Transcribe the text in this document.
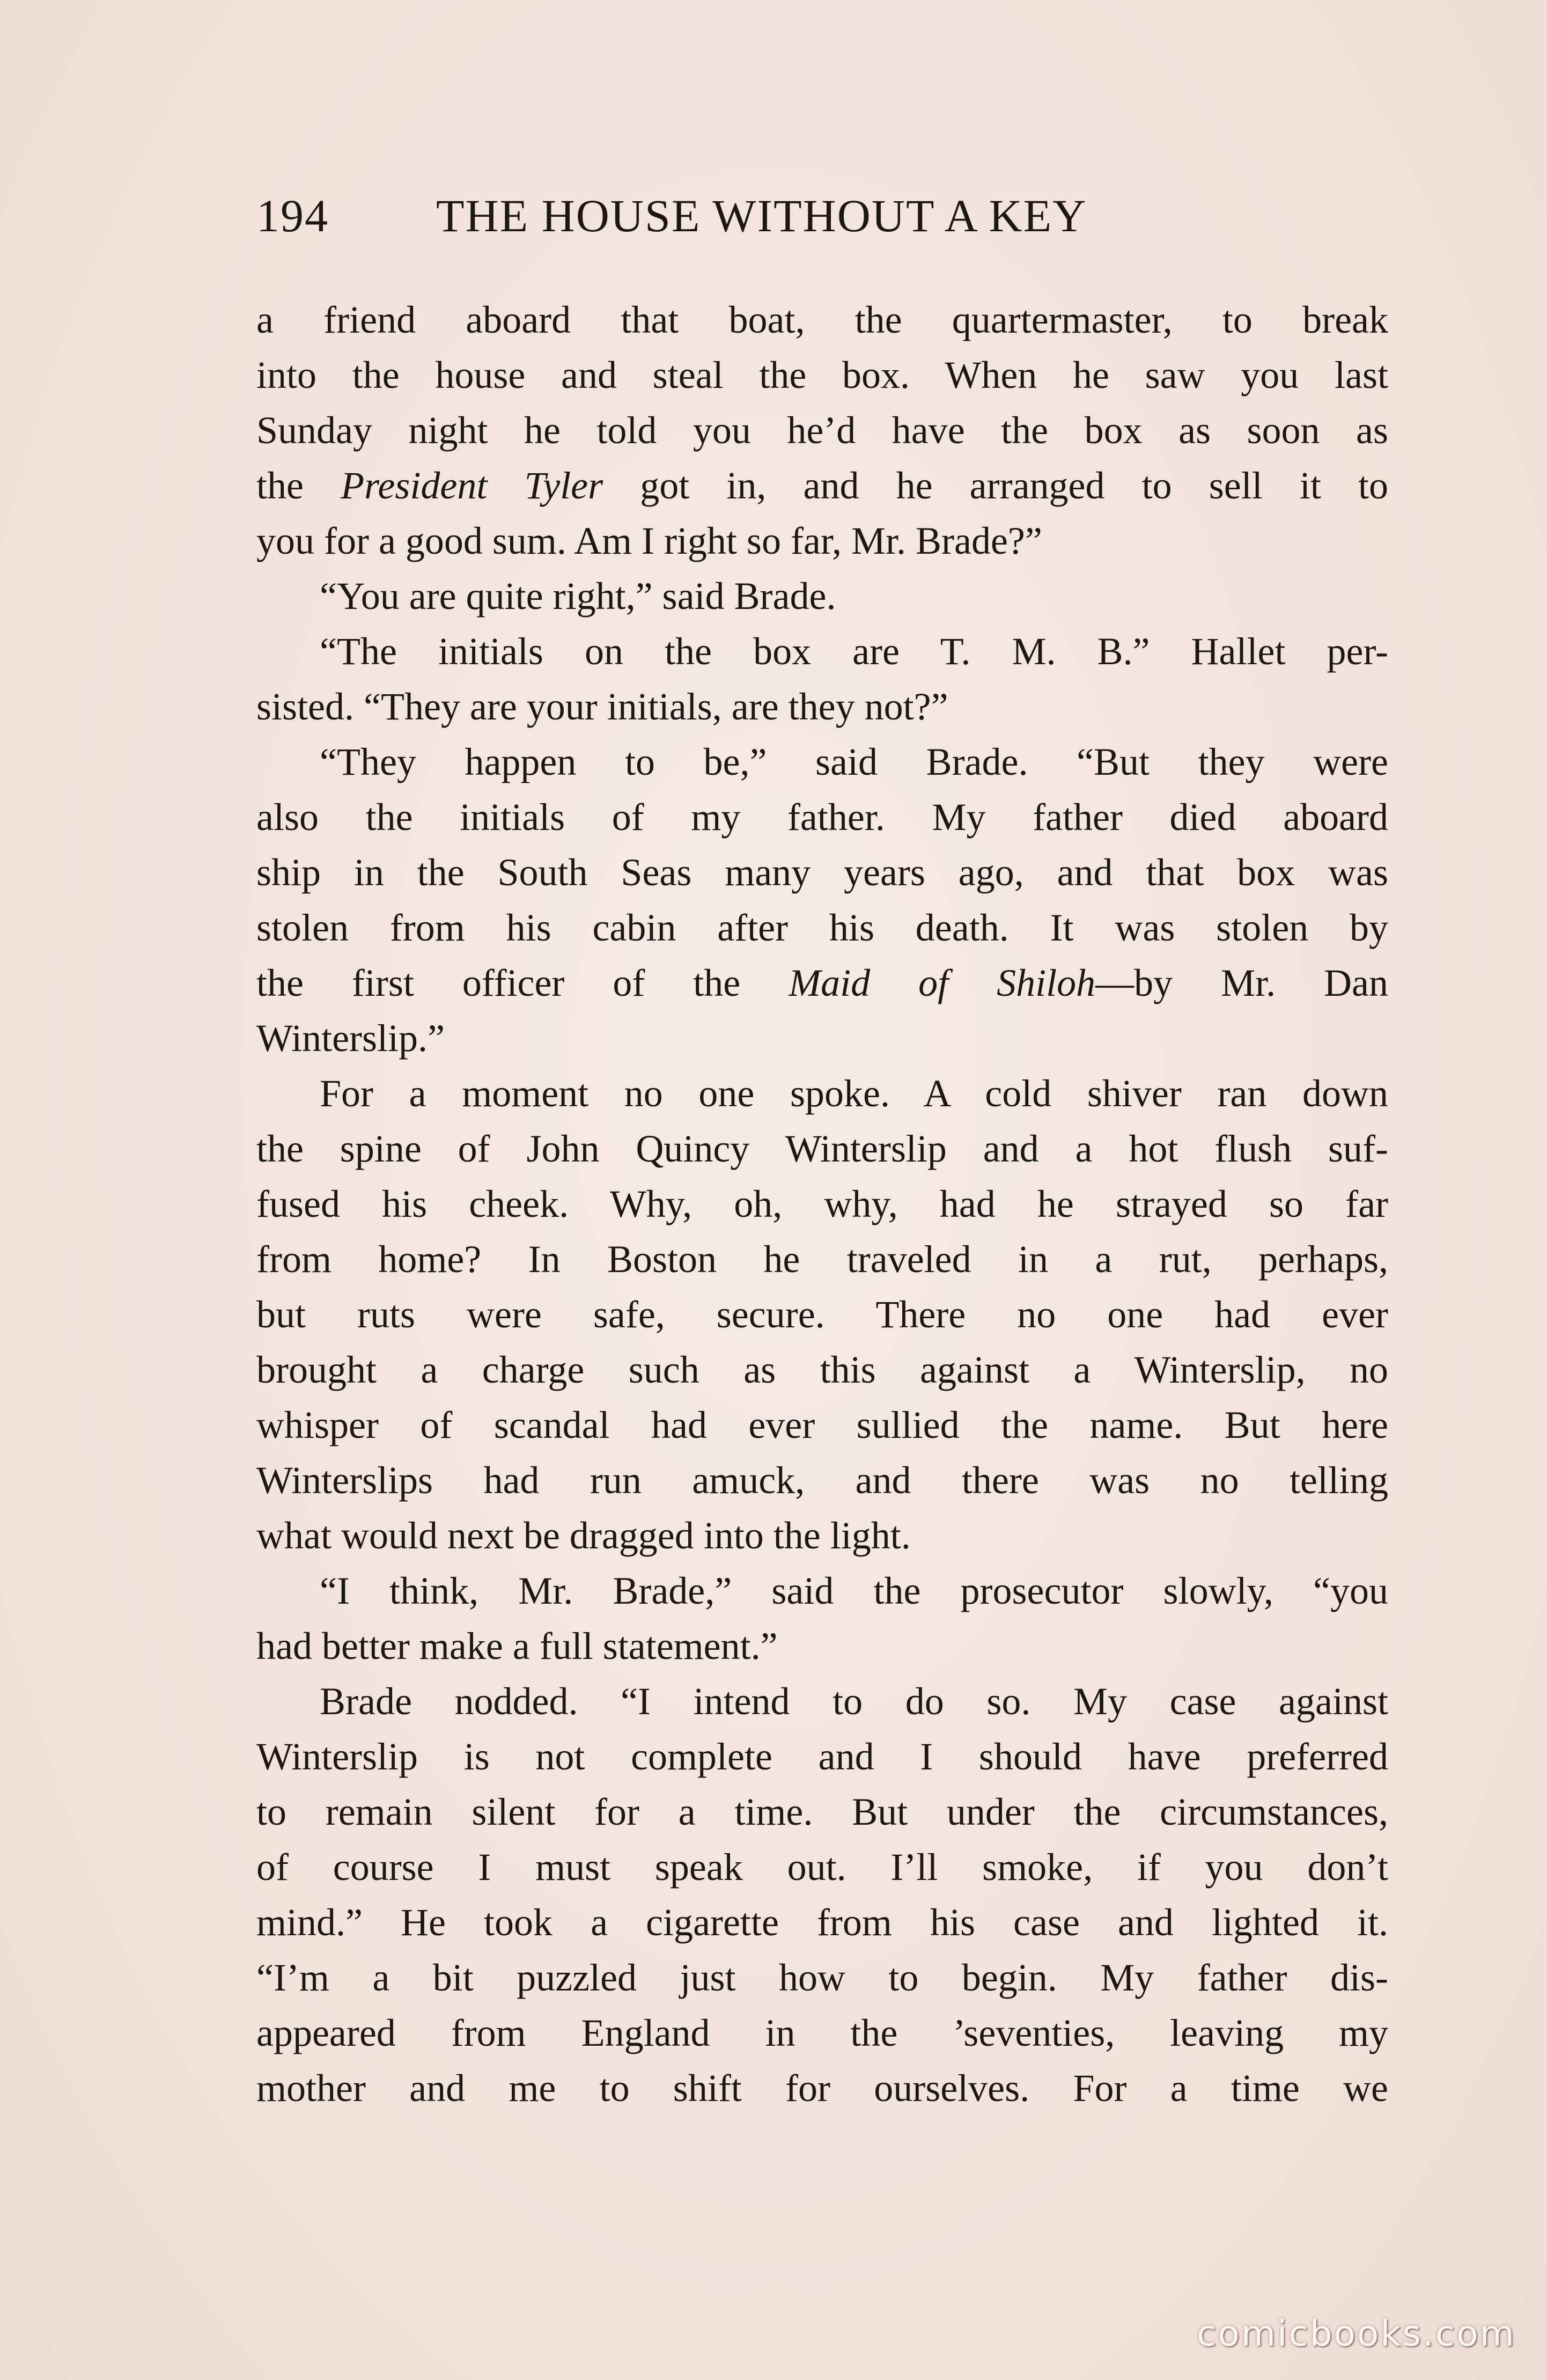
194 THE HOUSE WITHOUT A KEY
a friend aboard that boat, the quartermaster, to break
into the house and steal the box. When he saw you last
Sunday night he told you he’d have the box as soon as
the President Tyler got in, and he arranged to sell it to
you for a good sum. Am I right so far, Mr. Brade?”
“You are quite right,” said Brade.
“The initials on the box are T. M. B.” Hallet per-
sisted. “They are your initials, are they not?”
“They happen to be,” said Brade. “But they were
also the initials of my father. My father died aboard
ship in the South Seas many years ago, and that box was
stolen from his cabin after his death. It was stolen by
the first officer of the Maid of Shiloh—by Mr. Dan
Winterslip.”
For a moment no one spoke. A cold shiver ran down
the spine of John Quincy Winterslip and a hot flush suf-
fused his cheek. Why, oh, why, had he strayed so far
from home? In Boston he traveled in a rut, perhaps,
but ruts were safe, secure. There no one had ever
brought a charge such as this against a Winterslip, no
whisper of scandal had ever sullied the name. But here
Winterslips had run amuck, and there was no telling
what would next be dragged into the light.
“I think, Mr. Brade,” said the prosecutor slowly, “you
had better make a full statement.”
Brade nodded. “I intend to do so. My case against
Winterslip is not complete and I should have preferred
to remain silent for a time. But under the circumstances,
of course I must speak out. I’ll smoke, if you don’t
mind.” He took a cigarette from his case and lighted it.
“I’m a bit puzzled just how to begin. My father dis-
appeared from England in the ’seventies, leaving my
mother and me to shift for ourselves. For a time we
comicbooks.com
